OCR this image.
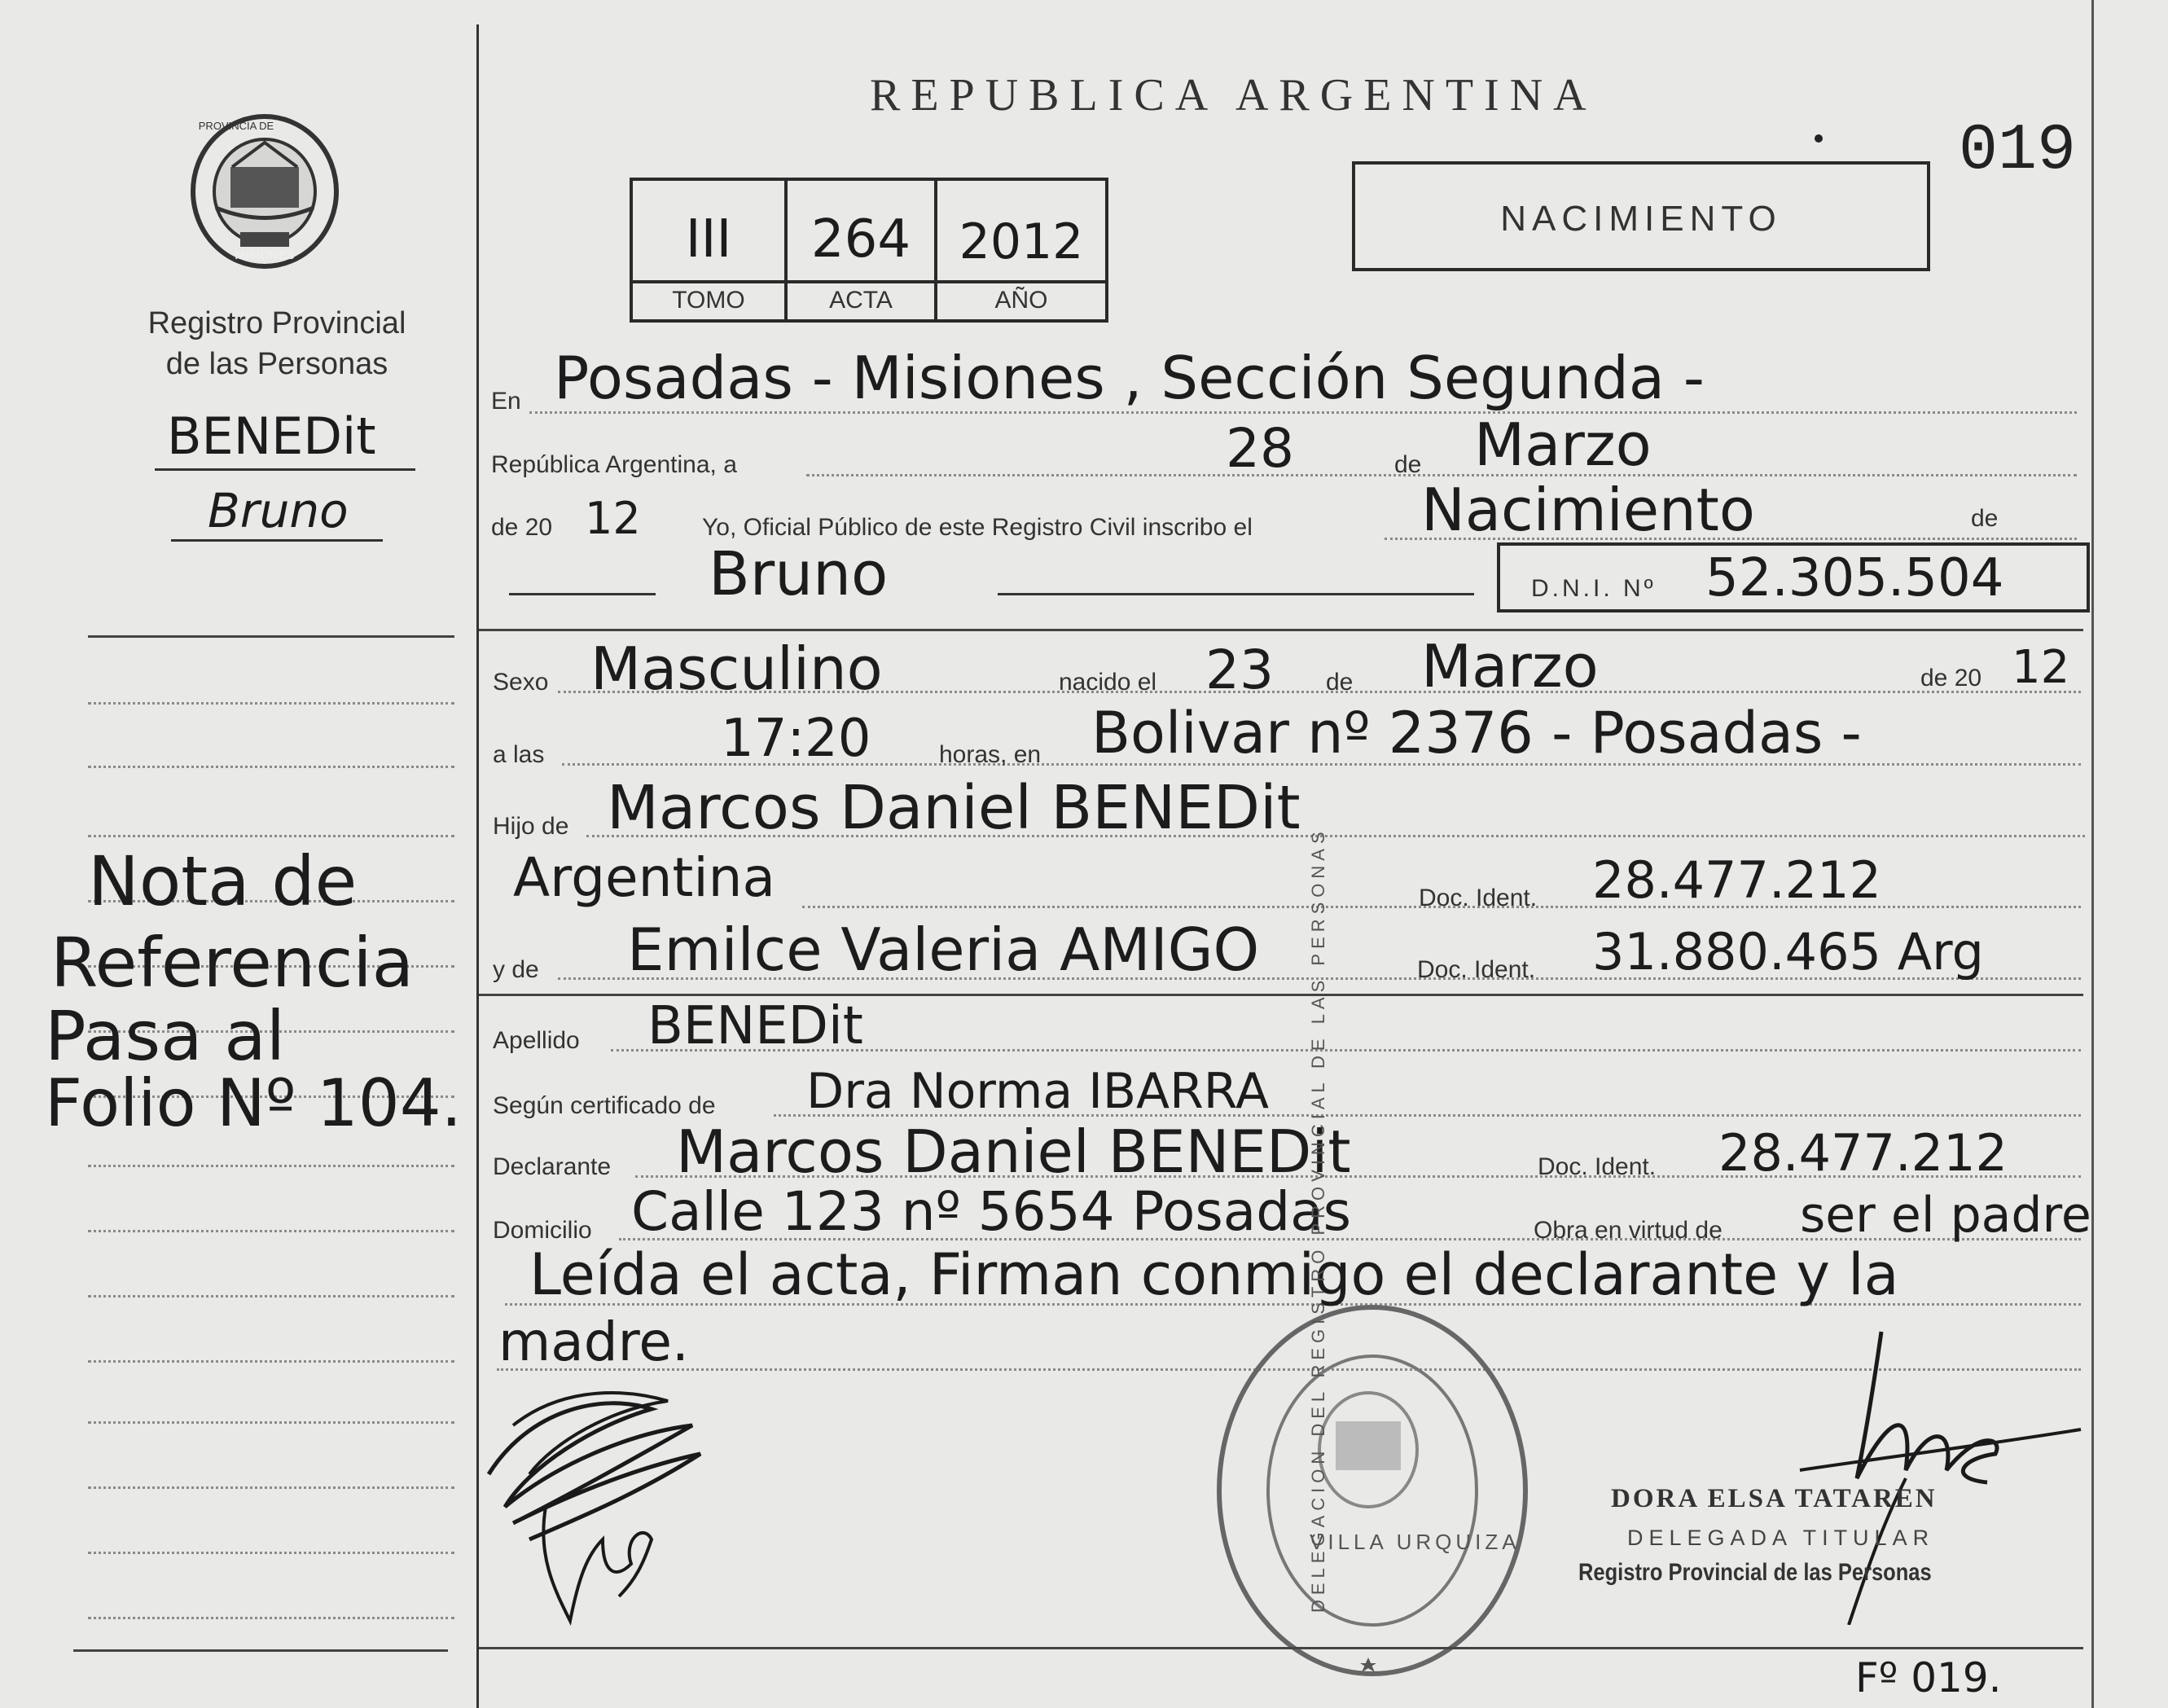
PROVINCIA DE
MISIONES
Registro Provincial
de las Personas
BENEDit
Bruno
Nota de
Referencia
Pasa al
Folio Nº 104.
REPUBLICA ARGENTINA
019
NACIMIENTO
III	264 2012
TOMO	ACTA	AÑO
En Posadas - Misiones , Sección Segunda -
República Argentina, a	28	de Marzo
de 20 12	Yo, Oficial Público de este Registro Civil inscribo el	Nacimiento	de
Bruno	D.N.I. Nº 52.305.504
Sexo Masculino	nacido el 23 de Marzo	de 20 12
a las	17:20	horas, en Bolivar nº 2376 - Posadas -
Hijo de Marcos Daniel BENEDit
Argentina	Doc. Ident. 28.477.212
y de Emilce Valeria AMIGO	Doc. Ident. 31.880.465 Arg
Apellido BENEDit
Según certificado de Dra Norma IBARRA
Declarante Marcos Daniel BENEDit	Doc. Ident. 28.477.212
Domicilio Calle 123 nº 5654 Posadas	Obra en virtud de ser el padre
Leída el acta, Firman conmigo el declarante y la
madre.	DELEGACION DEL REGISTRO PROVINCIAL DE LAS PERSONAS
VILLA URQUIZA
DORA ELSA TATAREN
DELEGADA TITULAR
Registro Provincial de las Personas
Fº 019.
